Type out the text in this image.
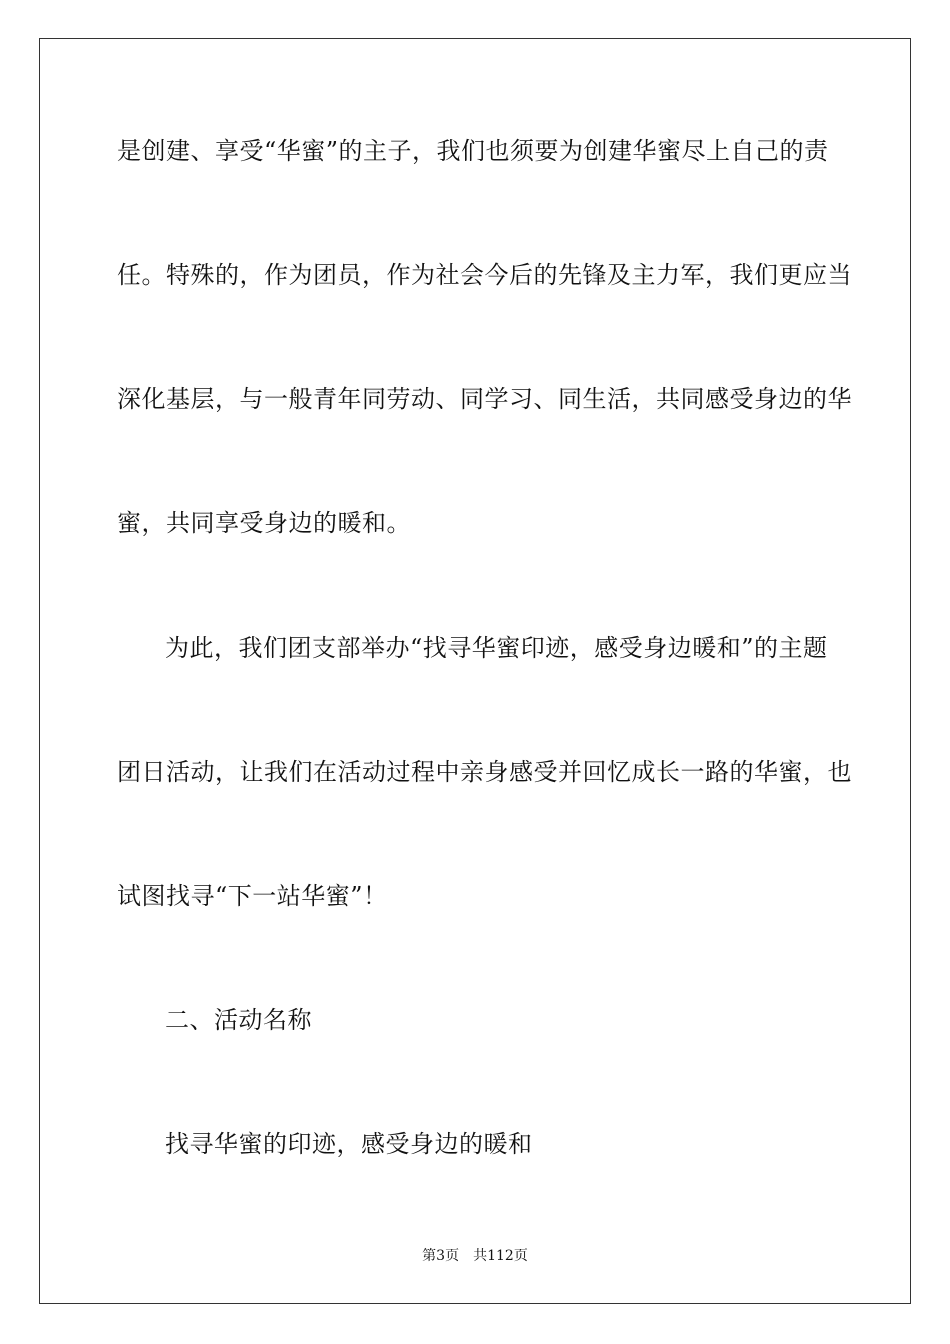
是创建、享受“华蜜”的主子，我们也须要为创建华蜜尽上自己的责
任。特殊的，作为团员，作为社会今后的先锋及主力军，我们更应当
深化基层，与一般青年同劳动、同学习、同生活，共同感受身边的华
蜜，共同享受身边的暖和。
为此，我们团支部举办“找寻华蜜印迹，感受身边暖和”的主题
团日活动，让我们在活动过程中亲身感受并回忆成长一路的华蜜，也
试图找寻“下一站华蜜”！
二、活动名称
找寻华蜜的印迹，感受身边的暖和
第3页 共112页
